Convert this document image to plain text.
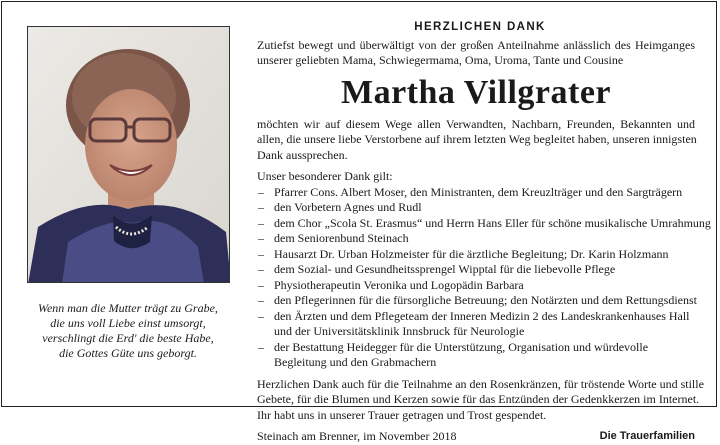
Wenn man die Mutter trägt zu Grabe,
die uns voll Liebe einst umsorgt,
verschlingt die Erd' die beste Habe,
die Gottes Güte uns geborgt.
HERZLICHEN DANK
Zutiefst bewegt und überwältigt von der großen Anteilnahme anlässlich des Heimganges
unserer geliebten Mama, Schwiegermama, Oma, Uroma, Tante und Cousine
Martha Villgrater
möchten wir auf diesem Wege allen Verwandten, Nachbarn, Freunden, Bekannten und
allen, die unsere liebe Verstorbene auf ihrem letzten Weg begleitet haben, unseren innigsten
Dank aussprechen.
Unser besonderer Dank gilt:
– Pfarrer Cons. Albert Moser, den Ministranten, dem Kreuzlträger und den Sargträgern
– den Vorbetern Agnes und Rudl
– dem Chor „Scola St. Erasmus“ und Herrn Hans Eller für schöne musikalische Umrahmung
– dem Seniorenbund Steinach
– Hausarzt Dr. Urban Holzmeister für die ärztliche Begleitung; Dr. Karin Holzmann
– dem Sozial- und Gesundheitssprengel Wipptal für die liebevolle Pflege
– Physiotherapeutin Veronika und Logopädin Barbara
– den Pflegerinnen für die fürsorgliche Betreuung; den Notärzten und dem Rettungsdienst
– den Ärzten und dem Pflegeteam der Inneren Medizin 2 des Landeskrankenhauses Hall
und der Universitätsklinik Innsbruck für Neurologie
– der Bestattung Heidegger für die Unterstützung, Organisation und würdevolle
Begleitung und den Grabmachern
Herzlichen Dank auch für die Teilnahme an den Rosenkränzen, für tröstende Worte und stille
Gebete, für die Blumen und Kerzen sowie für das Entzünden der Gedenkkerzen im Internet.
Ihr habt uns in unserer Trauer getragen und Trost gespendet.
Steinach am Brenner, im November 2018	Die Trauerfamilien
